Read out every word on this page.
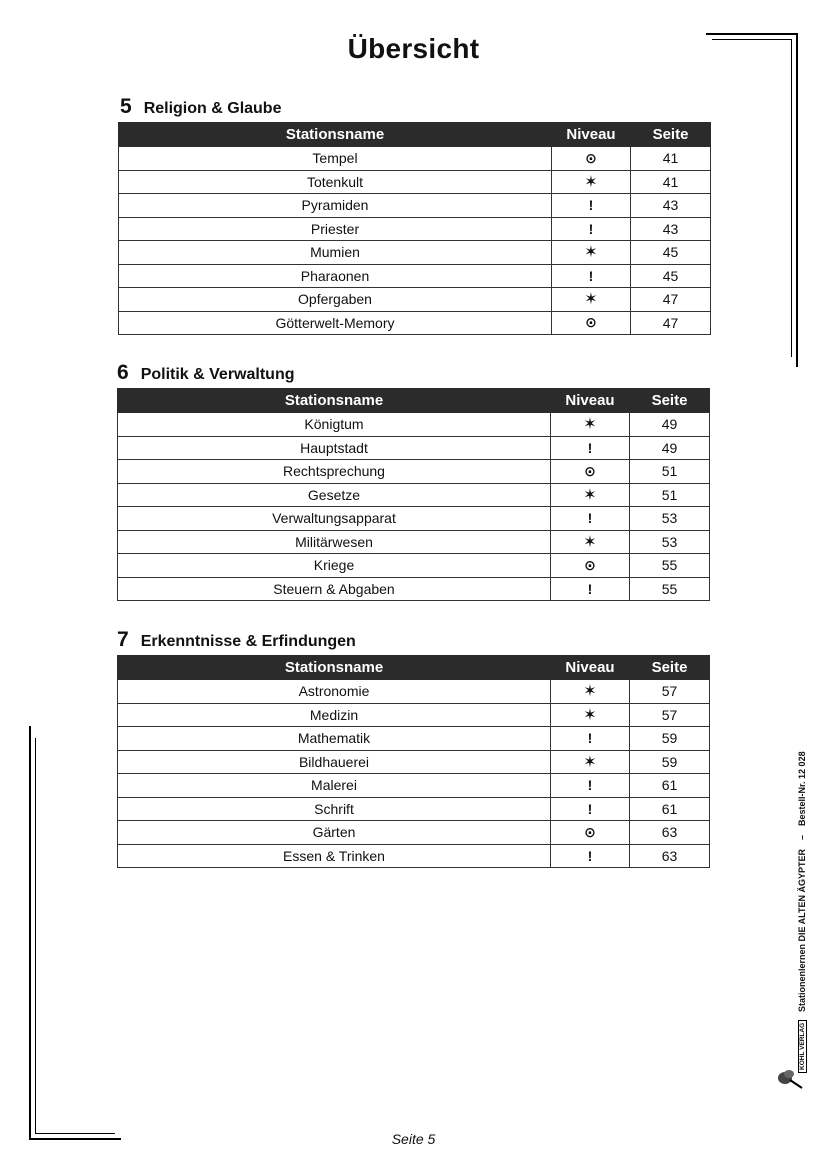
Übersicht
5 Religion & Glaube
Stationsname	Niveau	Seite
Tempel	⊙	41
Totenkult	✶	41
Pyramiden	!	43
Priester	!	43
Mumien	✶	45
Pharaonen	!	45
Opfergaben	✶	47
Götterwelt-Memory	⊙	47
6 Politik & Verwaltung
Stationsname	Niveau	Seite
Königtum	✶	49
Hauptstadt	!	49
Rechtsprechung	⊙	51
Gesetze	✶	51
Verwaltungsapparat	!	53
Militärwesen	✶	53
Kriege	⊙	55
Steuern & Abgaben	!	55
7 Erkenntnisse & Erfindungen
Stationsname	Niveau	Seite
Astronomie	✶	57
Medizin	✶	57
Mathematik	!	59
Bildhauerei	✶	59
Malerei	!	61
Schrift	!	61
Gärten	⊙	63
Essen & Trinken	!	63	Stationenlernen DIE ALTEN ÄGYPTER–Bestell-Nr. 12 028
KOHL VERLAG
Seite 5
